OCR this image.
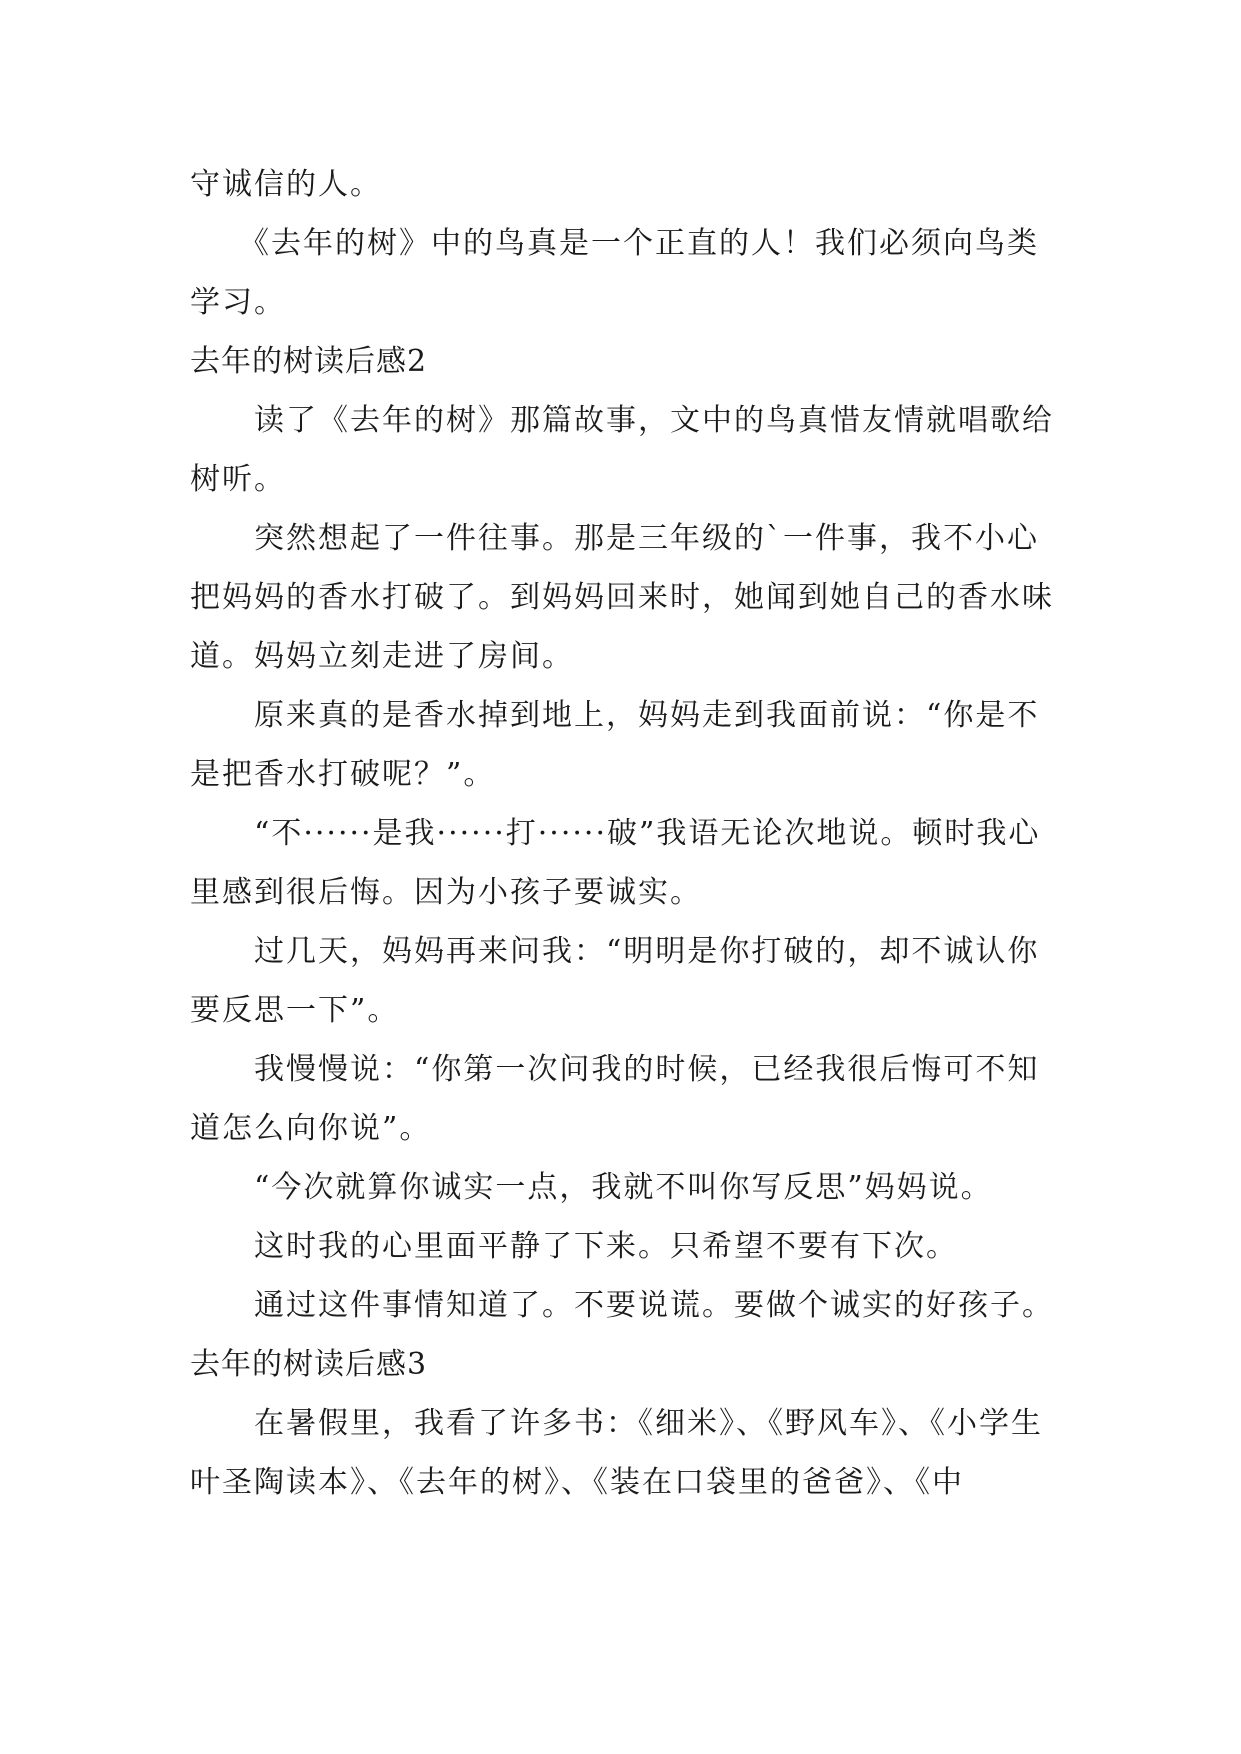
守诚信的人。

　　《去年的树》中的鸟真是一个正直的人！我们必须向鸟类学习。

去年的树读后感2

　　读了《去年的树》那篇故事，文中的鸟真惜友情就唱歌给树听。

　　突然想起了一件往事。那是三年级的`一件事，我不小心把妈妈的香水打破了。到妈妈回来时，她闻到她自己的香水味道。妈妈立刻走进了房间。

　　原来真的是香水掉到地上，妈妈走到我面前说：“你是不是把香水打破呢？”。

　　“不······是我······打······破”我语无论次地说。顿时我心里感到很后悔。因为小孩子要诚实。

　　过几天，妈妈再来问我：“明明是你打破的，却不诚认你要反思一下”。

　　我慢慢说：“你第一次问我的时候，已经我很后悔可不知道怎么向你说”。

　　“今次就算你诚实一点，我就不叫你写反思”妈妈说。

　　这时我的心里面平静了下来。只希望不要有下次。

　　通过这件事情知道了。不要说谎。要做个诚实的好孩子。

去年的树读后感3

　　在暑假里，我看了许多书：《细米》、《野风车》、《小学生叶圣陶读本》、《去年的树》、《装在口袋里的爸爸》、《中
